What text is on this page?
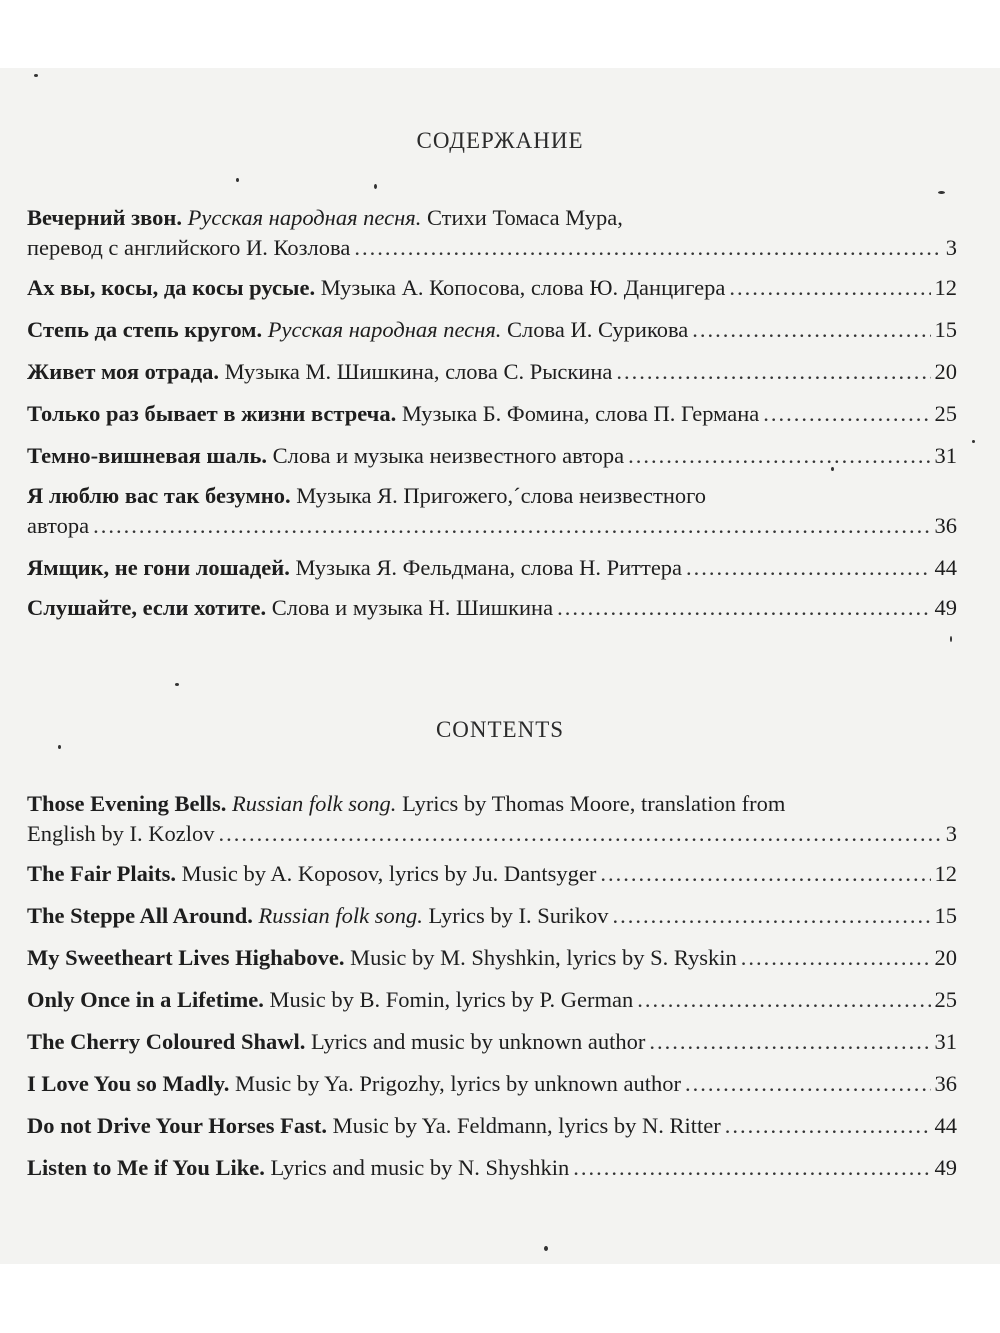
СОДЕРЖАНИЕ
Вечерний звон. Русская народная песня. Стихи Томаса Мура,
перевод с английского И. Козлова .....	3
Ах вы, косы, да косы русые. Музыка А. Копосова, слова Ю. Данцигера .....	12
Степь да степь кругом. Русская народная песня. Слова И. Сурикова .....	15
Живет моя отрада. Музыка М. Шишкина, слова С. Рыскина .....	20
Только раз бывает в жизни встреча. Музыка Б. Фомина, слова П. Германа .....	25
Темно-вишневая шаль. Слова и музыка неизвестного автора .....	31
Я люблю вас так безумно. Музыка Я. Пригожего,´слова неизвестного
автора .....	36
Ямщик, не гони лошадей. Музыка Я. Фельдмана, слова Н. Риттера .....	44
Слушайте, если хотите. Слова и музыка Н. Шишкина .....	49
CONTENTS
Those Evening Bells. Russian folk song. Lyrics by Thomas Moore, translation from
English by I. Kozlov .....	3
The Fair Plaits. Music by A. Koposov, lyrics by Ju. Dantsyger .....	12
The Steppe All Around. Russian folk song. Lyrics by I. Surikov .....	15
My Sweetheart Lives Highabove. Music by M. Shyshkin, lyrics by S. Ryskin .....	20
Only Once in a Lifetime. Music by B. Fomin, lyrics by P. German .....	25
The Cherry Coloured Shawl. Lyrics and music by unknown author .....	31
I Love You so Madly. Music by Ya. Prigozhy, lyrics by unknown author .....	36
Do not Drive Your Horses Fast. Music by Ya. Feldmann, lyrics by N. Ritter .....	44
Listen to Me if You Like. Lyrics and music by N. Shyshkin .....	49
